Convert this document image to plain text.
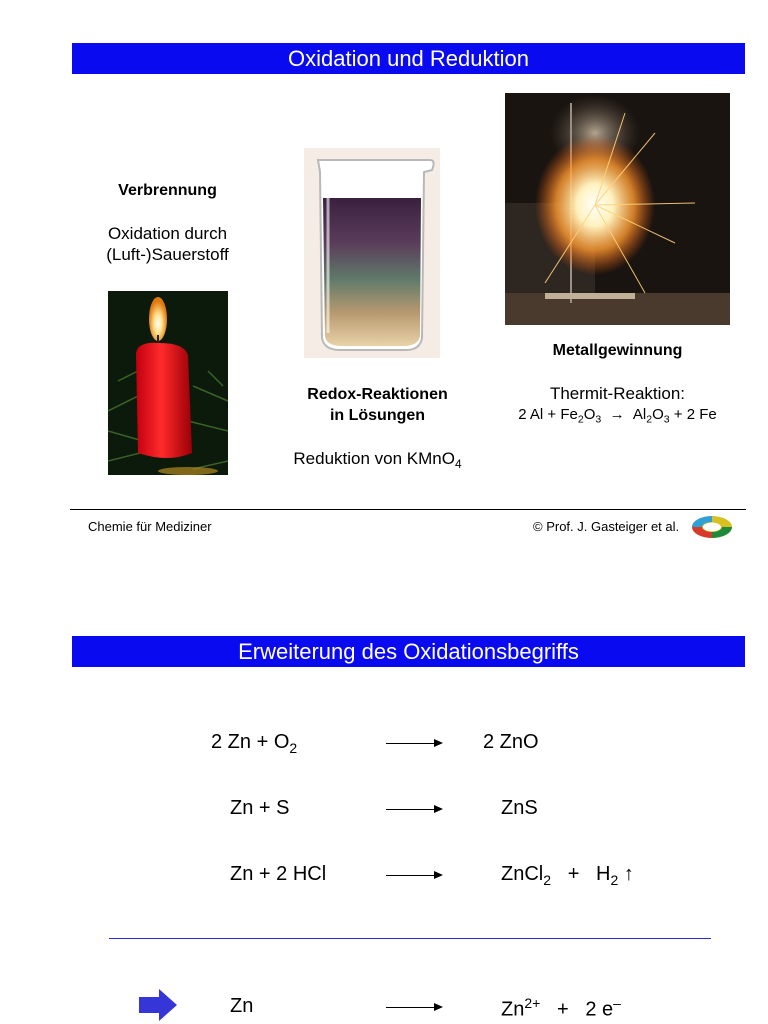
Oxidation und Reduktion
Verbrennung
Oxidation durch
(Luft-)Sauerstoff
Redox-Reaktionen
in Lösungen
Reduktion von KMnO$_4$
Metallgewinnung
Thermit-Reaktion:
2 $Al + Fe_2O_3 \to Al_2O_3 + 2$ Fe
Chemie für Mediziner	© Prof. J. Gasteiger et al.
Erweiterung des Oxidationsbegriffs
2 $Zn + O_2$	2 ZnO
Zn + S	ZnS
Zn + 2 HCl	ZnCl$_2$   +   $H_2$ ↑
Zn	$Zn^{2+} + 2$ e–
